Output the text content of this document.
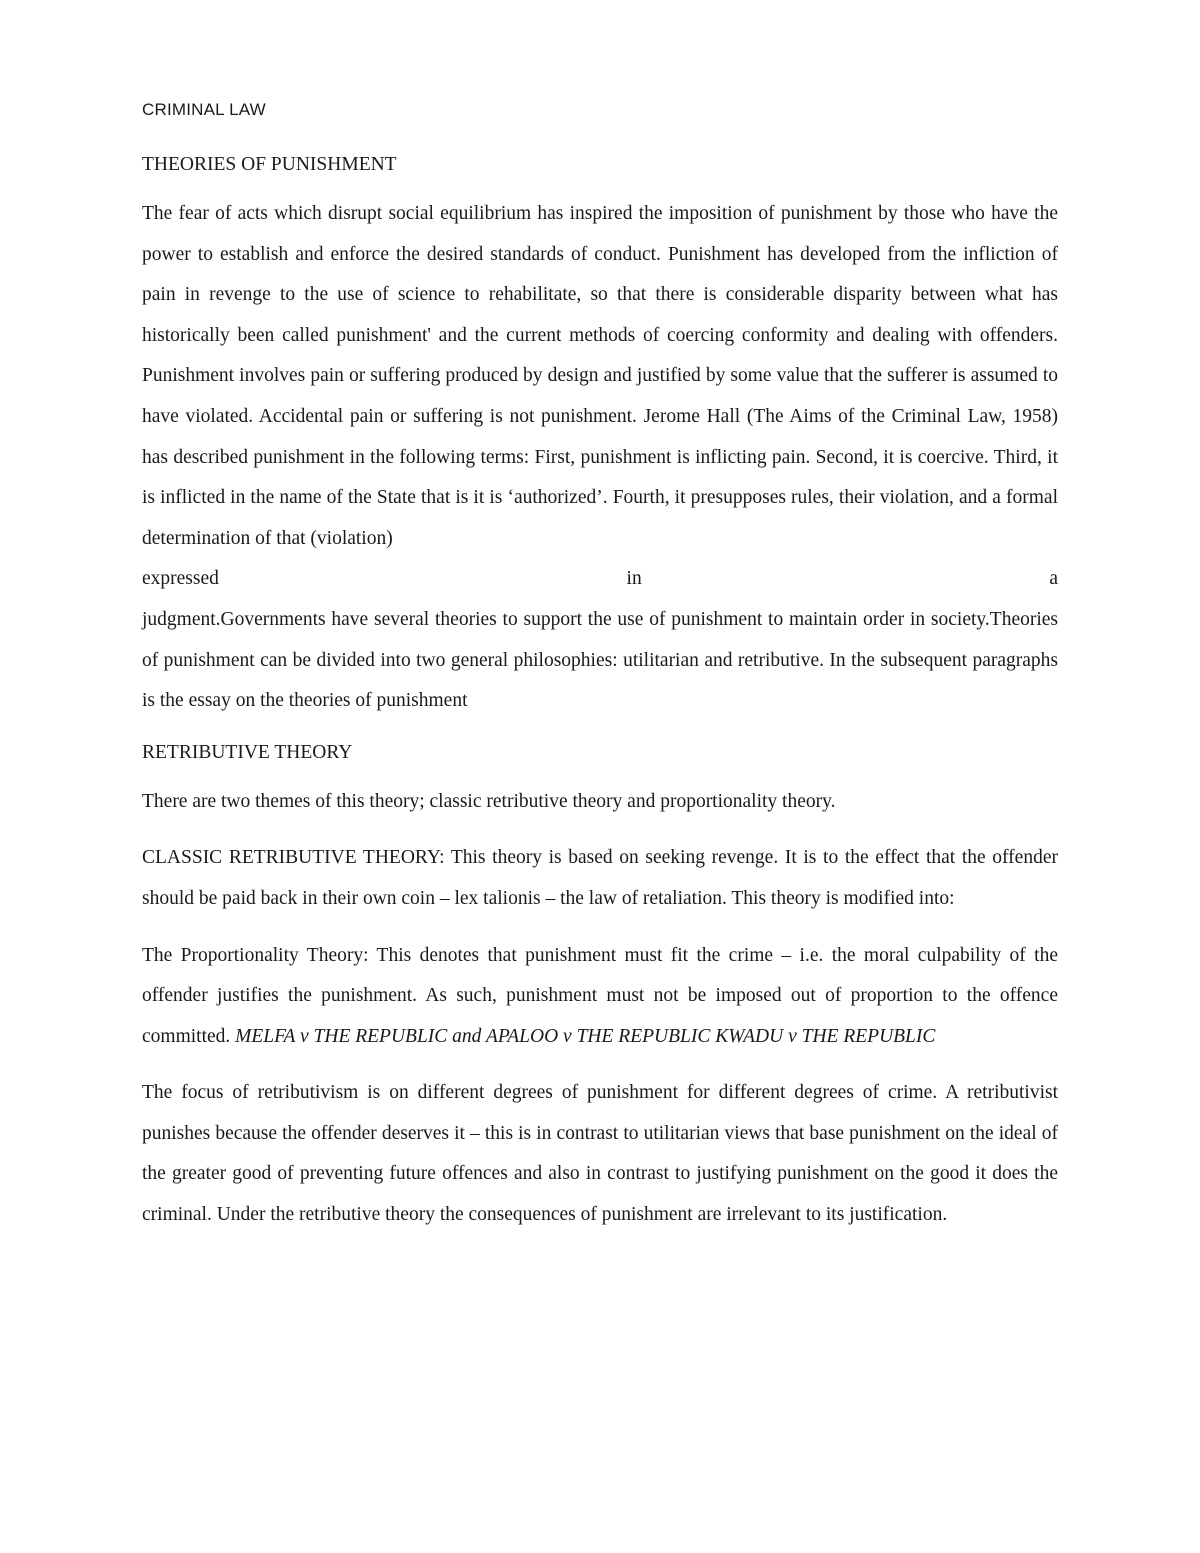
CRIMINAL LAW
THEORIES OF PUNISHMENT

The fear of acts which disrupt social equilibrium has inspired the imposition of punishment by those who have the power to establish and enforce the desired standards of conduct. Punishment has developed from the infliction of pain in revenge to the use of science to rehabilitate, so that there is considerable disparity between what has historically been called punishment' and the current methods of coercing conformity and dealing with offenders. Punishment involves pain or suffering produced by design and justified by some value that the sufferer is assumed to have violated. Accidental pain or suffering is not punishment. Jerome Hall (The Aims of the Criminal Law, 1958) has described punishment in the following terms: First, punishment is inflicting pain. Second, it is coercive. Third, it is inflicted in the name of the State that is it is ‘authorized’. Fourth, it presupposes rules, their violation, and a formal determination of that (violation)

expressed	in	a

judgment.Governments have several theories to support the use of punishment to maintain order in society.Theories of punishment can be divided into two general philosophies: utilitarian and retributive. In the subsequent paragraphs is the essay on the theories of punishment

RETRIBUTIVE THEORY

There are two themes of this theory; classic retributive theory and proportionality theory.

CLASSIC RETRIBUTIVE THEORY: This theory is based on seeking revenge. It is to the effect that the offender should be paid back in their own coin – lex talionis – the law of retaliation. This theory is modified into:

The Proportionality Theory: This denotes that punishment must fit the crime – i.e. the moral culpability of the offender justifies the punishment. As such, punishment must not be imposed out of proportion to the offence committed. MELFA v THE REPUBLIC and APALOO v THE REPUBLIC KWADU v THE REPUBLIC

The focus of retributivism is on different degrees of punishment for different degrees of crime. A retributivist punishes because the offender deserves it – this is in contrast to utilitarian views that base punishment on the ideal of the greater good of preventing future offences and also in contrast to justifying punishment on the good it does the criminal. Under the retributive theory the consequences of punishment are irrelevant to its justification.
